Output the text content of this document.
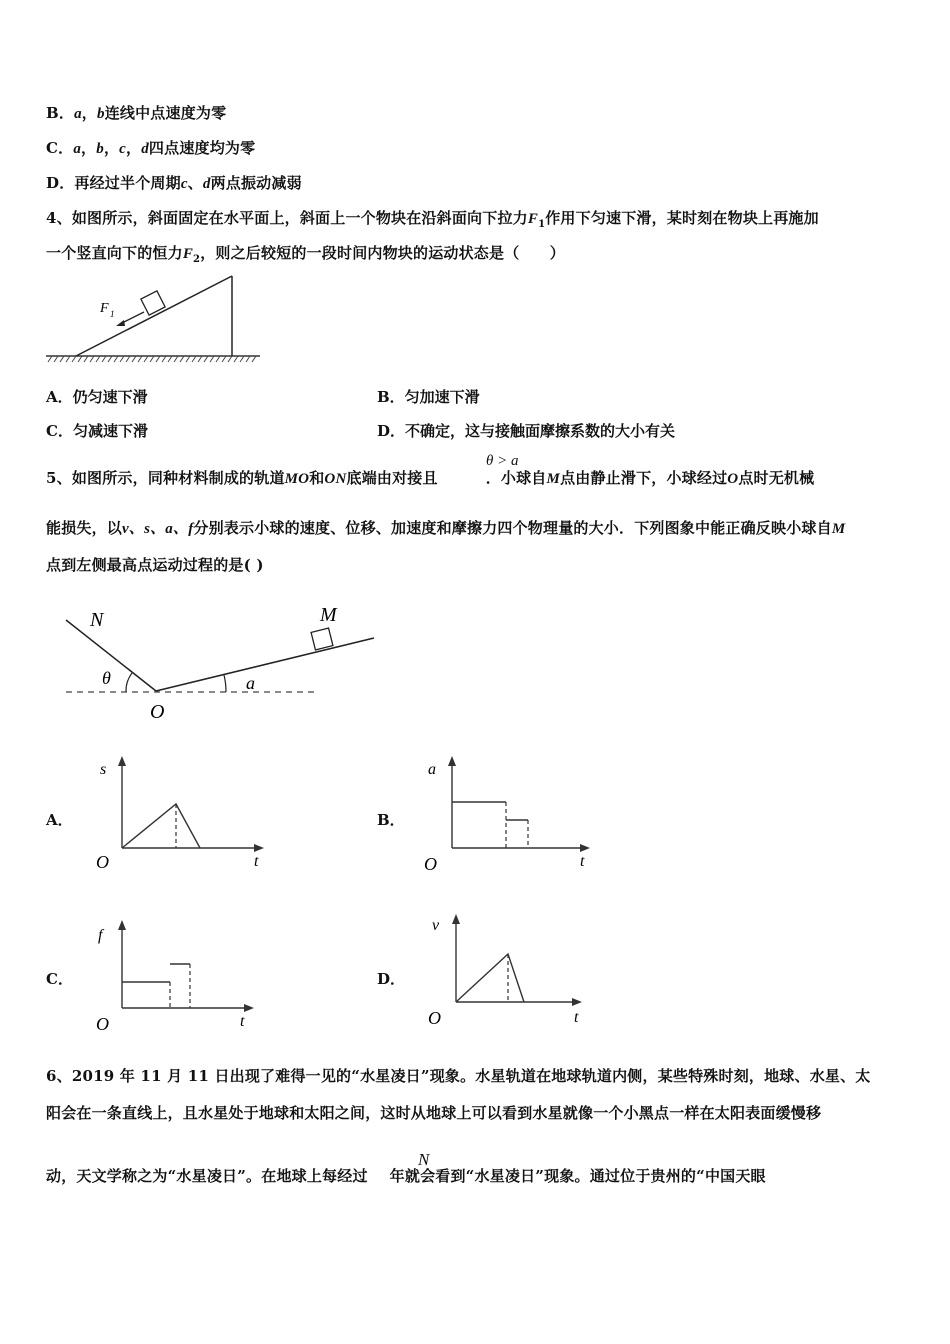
B．a，b连线中点速度为零
C．a，b，c，d四点速度均为零
D．再经过半个周期c、d两点振动减弱
4、如图所示，斜面固定在水平面上，斜面上一个物块在沿斜面向下拉力$F_1$作用下匀速下滑，某时刻在物块上再施加
一个竖直向下的恒力$F_2$，则之后较短的一段时间内物块的运动状态是（　　）
F 1
A．仍匀速下滑	B．匀加速下滑
C．匀减速下滑	D．不确定，这与接触面摩擦系数的大小有关
5、如图所示，同种材料制成的轨道MO和ON底端由对接且	．小球自M点由静止滑下，小球经过O点时无机械
θ > a
能损失，以v、s、a、f分别表示小球的速度、位移、加速度和摩擦力四个物理量的大小．下列图象中能正确反映小球自M
点到左侧最高点运动过程的是( )
N	M
O
θ	a
A．
s
t
O
B．
a
t
O
C．
f
t
O
D．
v
t
O
6、2019 年 11 月 11 日出现了难得一见的“水星凌日”现象。水星轨道在地球轨道内侧，某些特殊时刻，地球、水星、太
阳会在一条直线上，且水星处于地球和太阳之间，这时从地球上可以看到水星就像一个小黑点一样在太阳表面缓慢移
动，天文学称之为“水星凌日”。在地球上每经过 年就会看到“水星凌日”现象。通过位于贵州的“中国天眼
N
